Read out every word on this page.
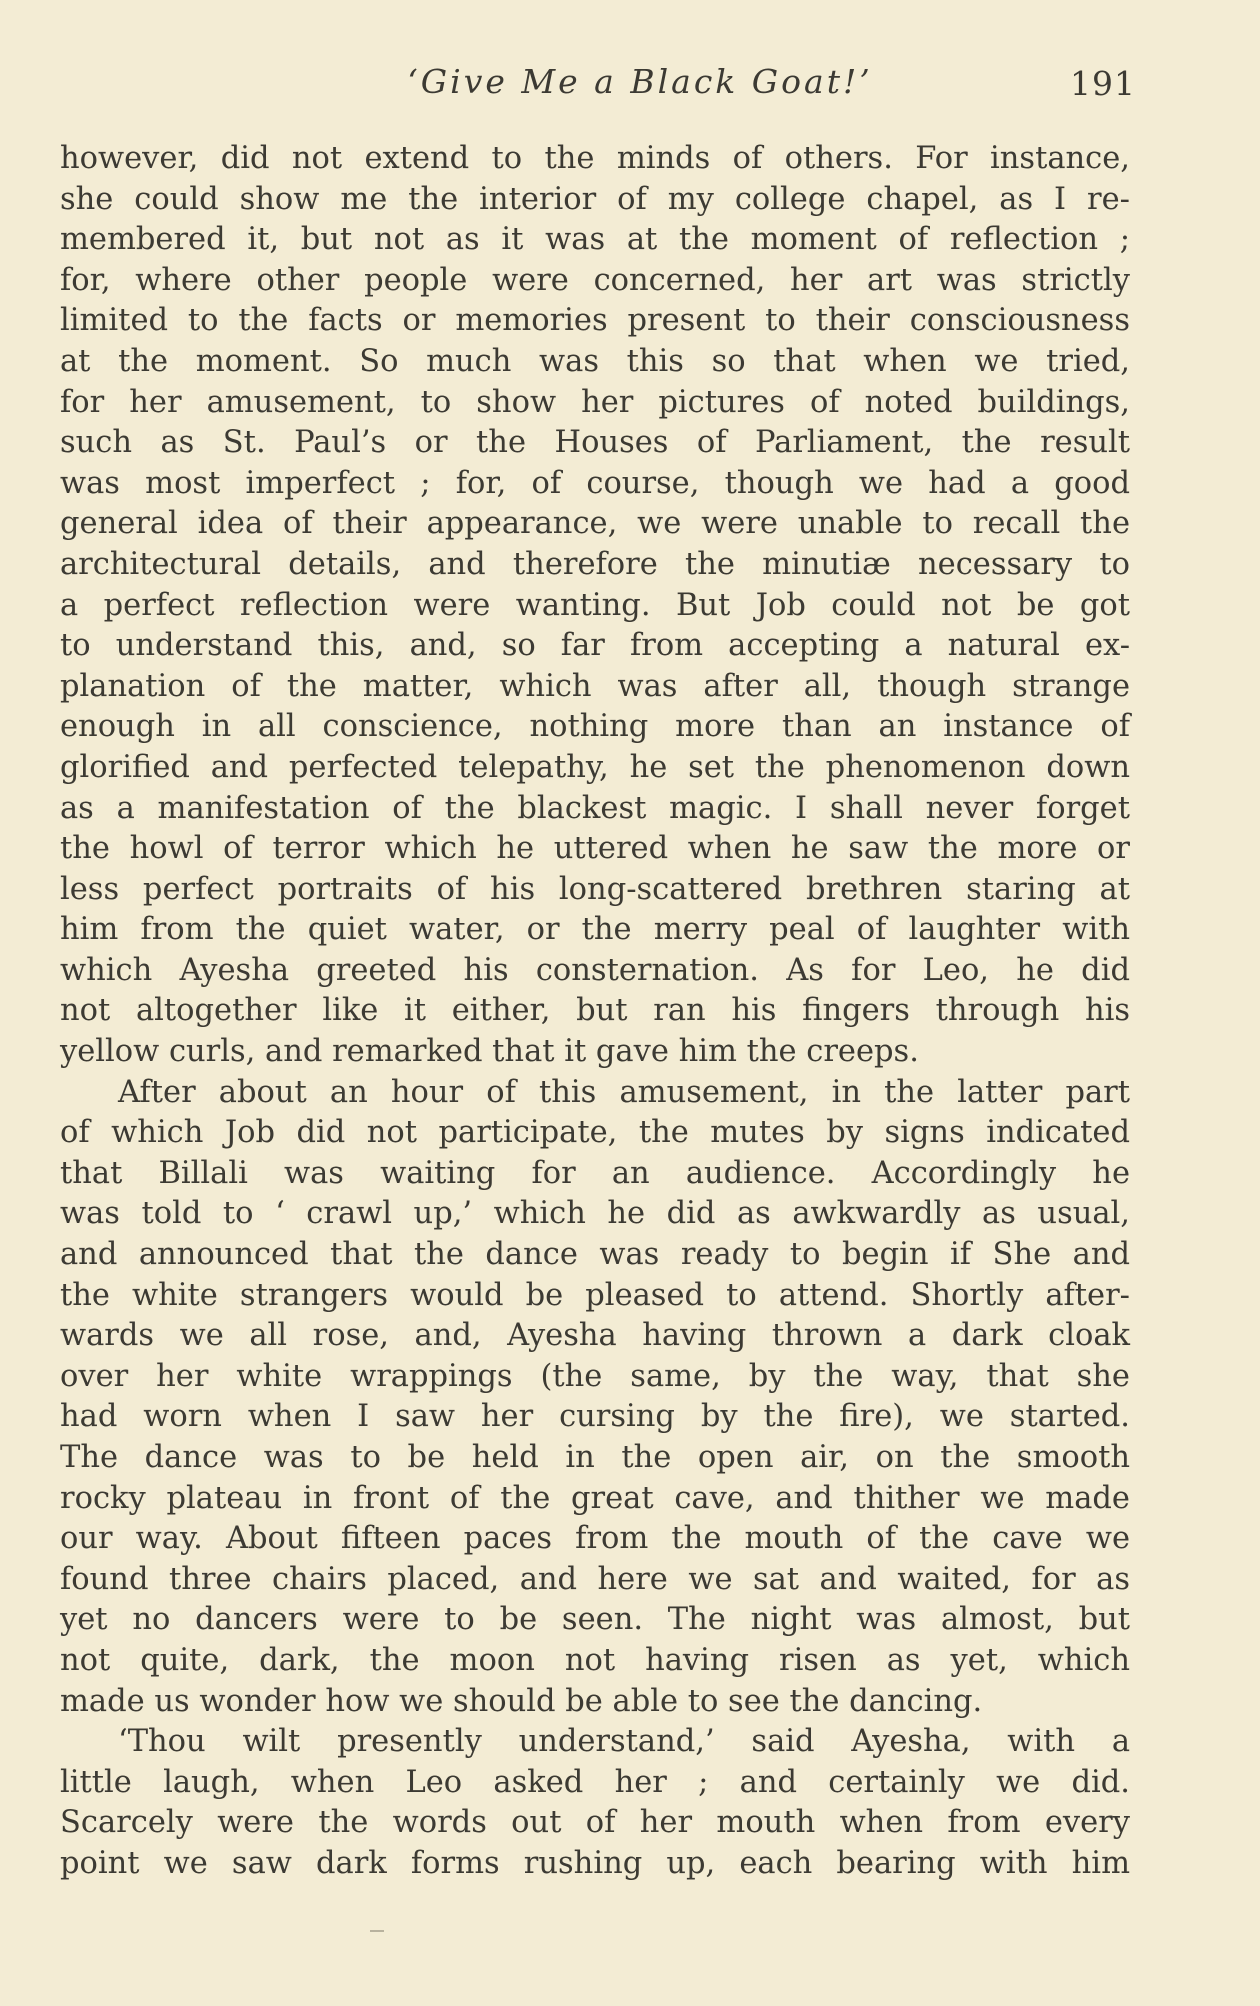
‘Give Me a Black Goat!’	191
however, did not extend to the minds of others. For instance,
she could show me the interior of my college chapel, as I re-
membered it, but not as it was at the moment of reflection ;
for, where other people were concerned, her art was strictly
limited to the facts or memories present to their consciousness
at the moment. So much was this so that when we tried,
for her amusement, to show her pictures of noted buildings,
such as St. Paul’s or the Houses of Parliament, the result
was most imperfect ; for, of course, though we had a good
general idea of their appearance, we were unable to recall the
architectural details, and therefore the minutiæ necessary to
a perfect reflection were wanting. But Job could not be got
to understand this, and, so far from accepting a natural ex-
planation of the matter, which was after all, though strange
enough in all conscience, nothing more than an instance of
glorified and perfected telepathy, he set the phenomenon down
as a manifestation of the blackest magic. I shall never forget
the howl of terror which he uttered when he saw the more or
less perfect portraits of his long-scattered brethren staring at
him from the quiet water, or the merry peal of laughter with
which Ayesha greeted his consternation. As for Leo, he did
not altogether like it either, but ran his fingers through his
yellow curls, and remarked that it gave him the creeps.
After about an hour of this amusement, in the latter part
of which Job did not participate, the mutes by signs indicated
that Billali was waiting for an audience. Accordingly he
was told to ‘ crawl up,’ which he did as awkwardly as usual,
and announced that the dance was ready to begin if She and
the white strangers would be pleased to attend. Shortly after-
wards we all rose, and, Ayesha having thrown a dark cloak
over her white wrappings (the same, by the way, that she
had worn when I saw her cursing by the fire), we started.
The dance was to be held in the open air, on the smooth
rocky plateau in front of the great cave, and thither we made
our way. About fifteen paces from the mouth of the cave we
found three chairs placed, and here we sat and waited, for as
yet no dancers were to be seen. The night was almost, but
not quite, dark, the moon not having risen as yet, which
made us wonder how we should be able to see the dancing.
‘Thou wilt presently understand,’ said Ayesha, with a
little laugh, when Leo asked her ; and certainly we did.
Scarcely were the words out of her mouth when from every
point we saw dark forms rushing up, each bearing with him
